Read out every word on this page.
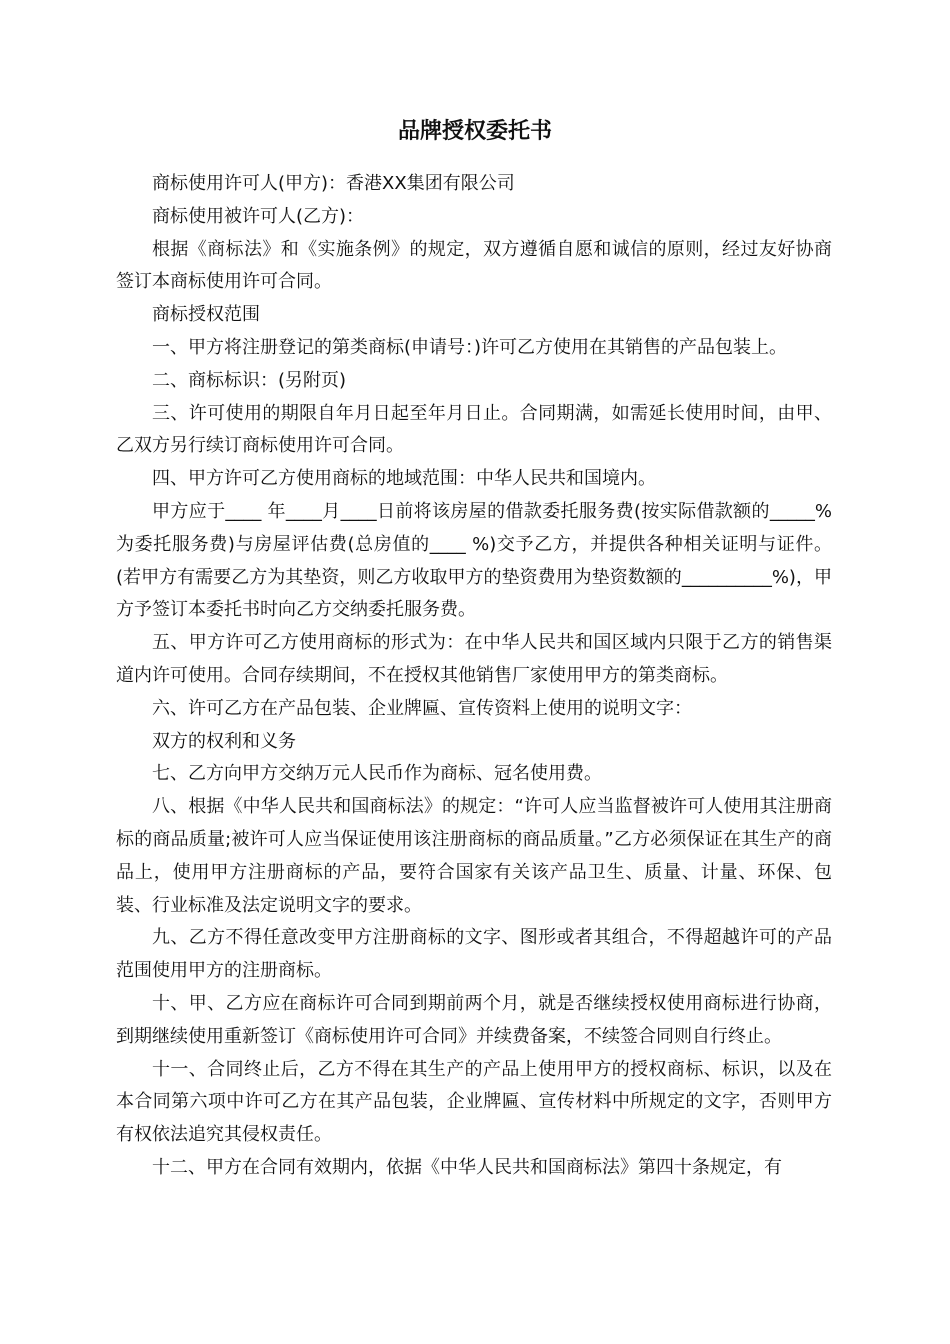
品牌授权委托书

商标使用许可人(甲方)：香港XX集团有限公司

商标使用被许可人(乙方)：

根据《商标法》和《实施条例》的规定，双方遵循自愿和诚信的原则，经过友好协商签订本商标使用许可合同。

商标授权范围

一、甲方将注册登记的第类商标(申请号：)许可乙方使用在其销售的产品包装上。

二、商标标识：(另附页)

三、许可使用的期限自年月日起至年月日止。合同期满，如需延长使用时间，由甲、乙双方另行续订商标使用许可合同。

四、甲方许可乙方使用商标的地域范围：中华人民共和国境内。

甲方应于____ 年____月____日前将该房屋的借款委托服务费(按实际借款额的_____%为委托服务费)与房屋评估费(总房值的____ %)交予乙方，并提供各种相关证明与证件。(若甲方有需要乙方为其垫资，则乙方收取甲方的垫资费用为垫资数额的__________%)，甲方予签订本委托书时向乙方交纳委托服务费。

五、甲方许可乙方使用商标的形式为：在中华人民共和国区域内只限于乙方的销售渠道内许可使用。合同存续期间，不在授权其他销售厂家使用甲方的第类商标。

六、许可乙方在产品包装、企业牌匾、宣传资料上使用的说明文字：

双方的权利和义务

七、乙方向甲方交纳万元人民币作为商标、冠名使用费。

八、根据《中华人民共和国商标法》的规定：“许可人应当监督被许可人使用其注册商标的商品质量;被许可人应当保证使用该注册商标的商品质量。”乙方必须保证在其生产的商品上，使用甲方注册商标的产品，要符合国家有关该产品卫生、质量、计量、环保、包装、行业标准及法定说明文字的要求。

九、乙方不得任意改变甲方注册商标的文字、图形或者其组合，不得超越许可的产品范围使用甲方的注册商标。

十、甲、乙方应在商标许可合同到期前两个月，就是否继续授权使用商标进行协商，到期继续使用重新签订《商标使用许可合同》并续费备案，不续签合同则自行终止。

十一、合同终止后，乙方不得在其生产的产品上使用甲方的授权商标、标识，以及在本合同第六项中许可乙方在其产品包装，企业牌匾、宣传材料中所规定的文字，否则甲方有权依法追究其侵权责任。

十二、甲方在合同有效期内，依据《中华人民共和国商标法》第四十条规定，有
